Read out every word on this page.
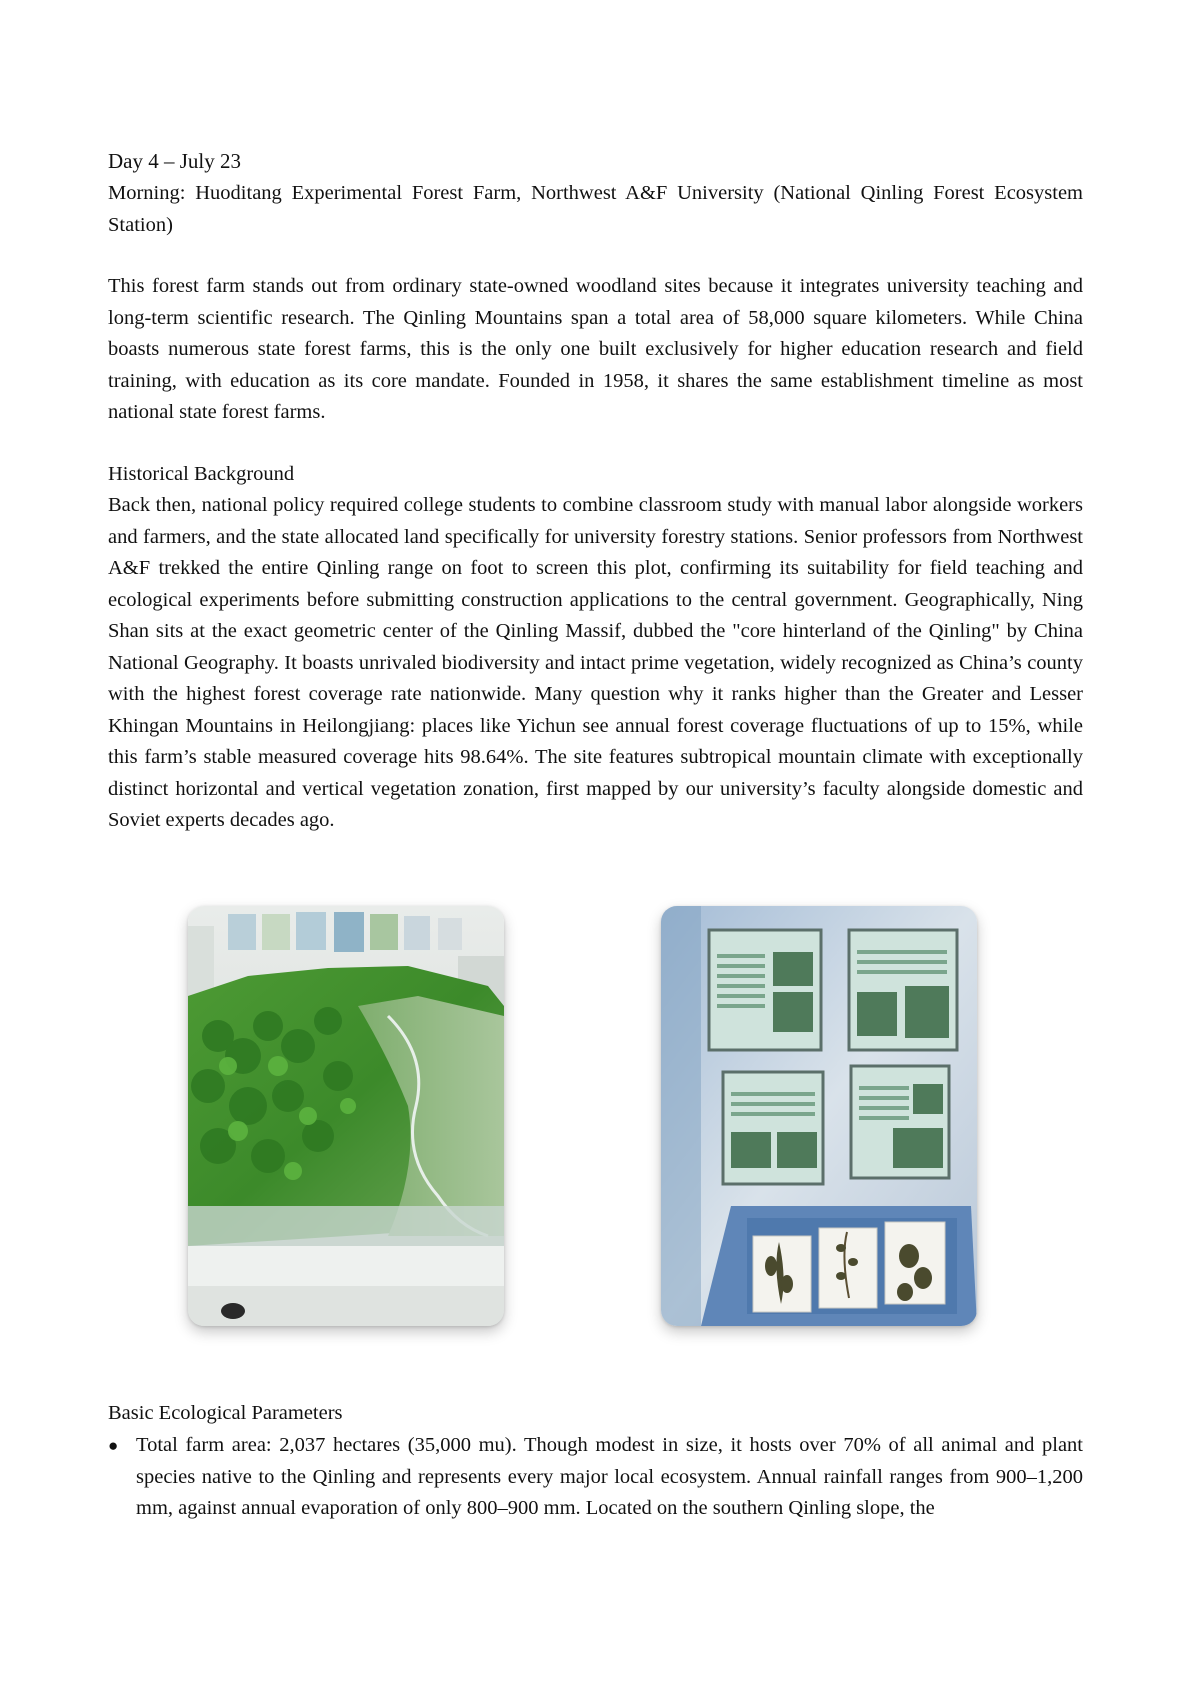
Day 4 – July 23
Morning: Huoditang Experimental Forest Farm, Northwest A&F University (National Qinling Forest Ecosystem Station)
This forest farm stands out from ordinary state-owned woodland sites because it integrates university teaching and long-term scientific research. The Qinling Mountains span a total area of 58,000 square kilometers. While China boasts numerous state forest farms, this is the only one built exclusively for higher education research and field training, with education as its core mandate. Founded in 1958, it shares the same establishment timeline as most national state forest farms.
Historical Background
Back then, national policy required college students to combine classroom study with manual labor alongside workers and farmers, and the state allocated land specifically for university forestry stations. Senior professors from Northwest A&F trekked the entire Qinling range on foot to screen this plot, confirming its suitability for field teaching and ecological experiments before submitting construction applications to the central government. Geographically, Ning Shan sits at the exact geometric center of the Qinling Massif, dubbed the "core hinterland of the Qinling" by China National Geography. It boasts unrivaled biodiversity and intact prime vegetation, widely recognized as China’s county with the highest forest coverage rate nationwide. Many question why it ranks higher than the Greater and Lesser Khingan Mountains in Heilongjiang: places like Yichun see annual forest coverage fluctuations of up to 15%, while this farm’s stable measured coverage hits 98.64%. The site features subtropical mountain climate with exceptionally distinct horizontal and vertical vegetation zonation, first mapped by our university’s faculty alongside domestic and Soviet experts decades ago.
Basic Ecological Parameters
● Total farm area: 2,037 hectares (35,000 mu). Though modest in size, it hosts over 70% of all animal and plant species native to the Qinling and represents every major local ecosystem. Annual rainfall ranges from 900–1,200 mm, against annual evaporation of only 800–900 mm. Located on the southern Qinling slope, the
